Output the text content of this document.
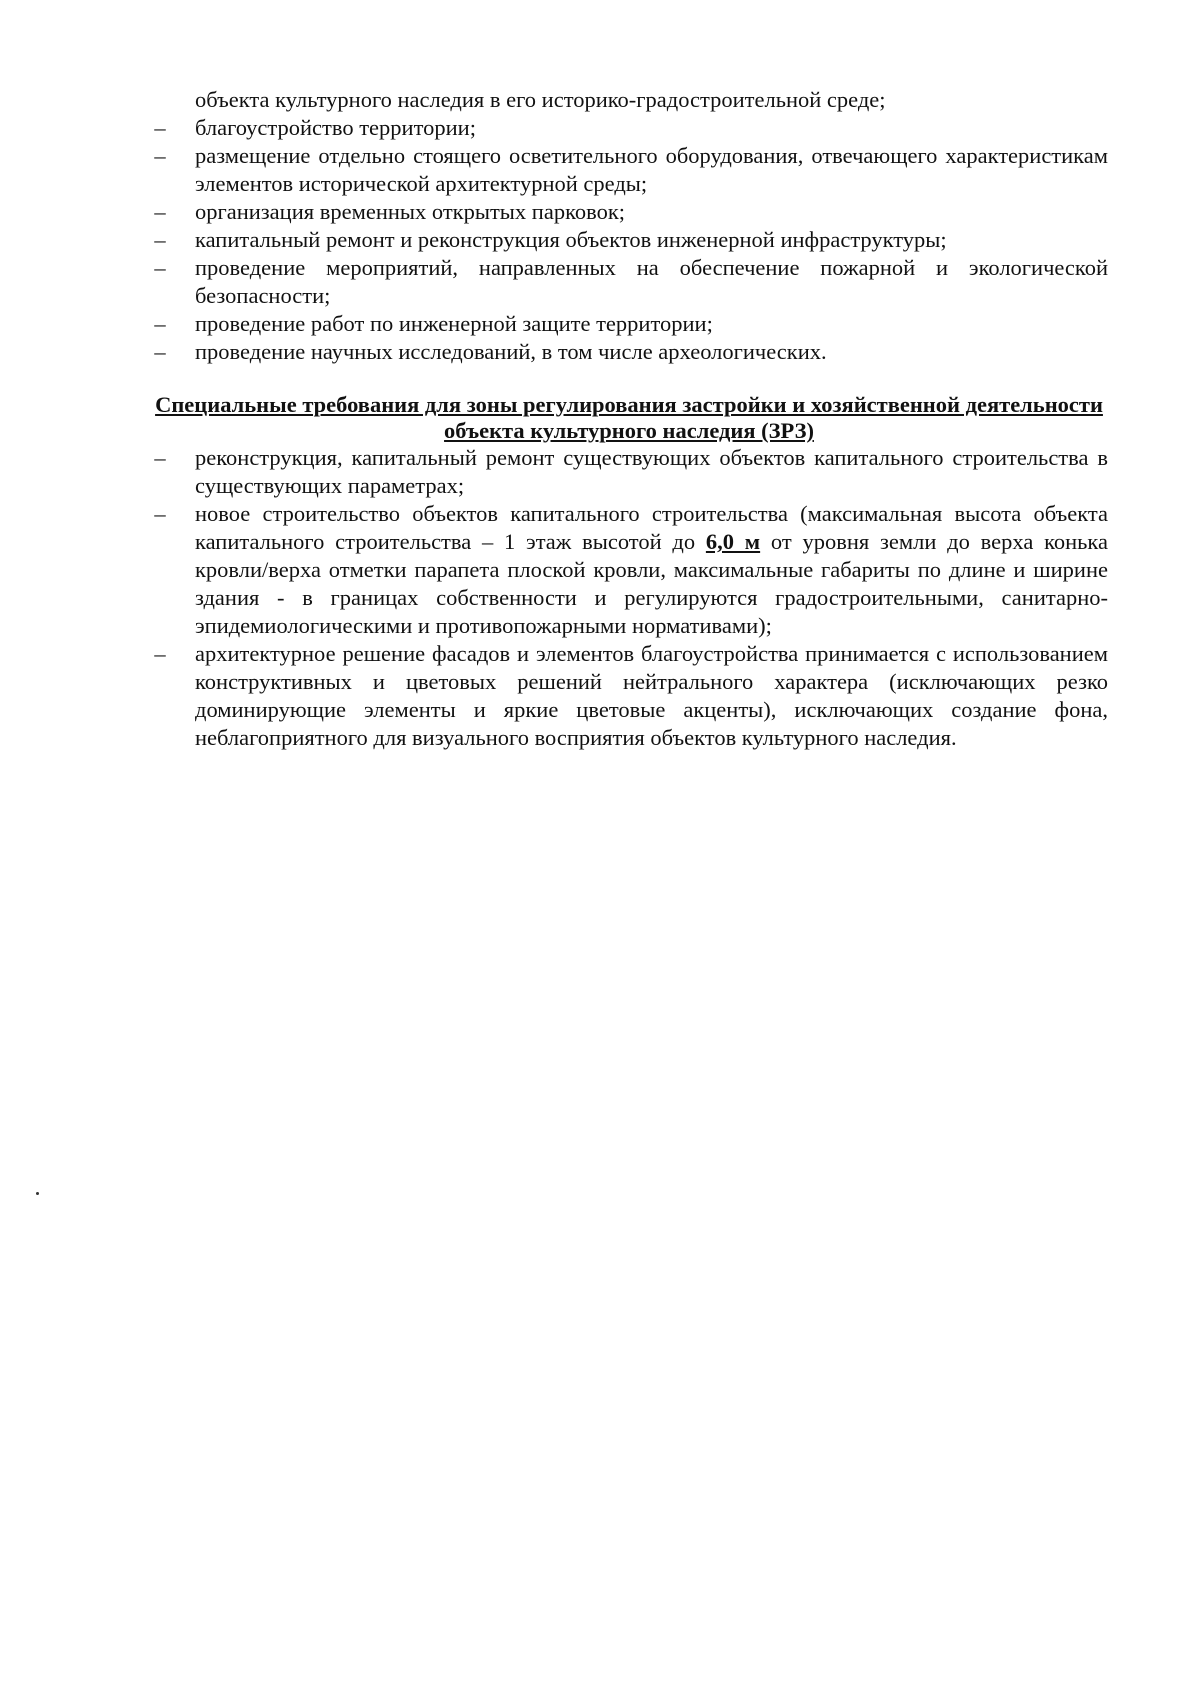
объекта культурного наследия в его историко-градостроительной среде;

– благоустройство территории;
– размещение отдельно стоящего осветительного оборудования, отвечающего характеристикам элементов исторической архитектурной среды;
– организация временных открытых парковок;
– капитальный ремонт и реконструкция объектов инженерной инфраструктуры;
– проведение мероприятий, направленных на обеспечение пожарной и экологической безопасности;
– проведение работ по инженерной защите территории;
– проведение научных исследований, в том числе археологических.
Специальные требования для зоны регулирования застройки и хозяйственной деятельности объекта культурного наследия (ЗРЗ)
– реконструкция, капитальный ремонт существующих объектов капитального строительства в существующих параметрах;
– новое строительство объектов капитального строительства (максимальная высота объекта капитального строительства – 1 этаж высотой до 6,0 м от уровня земли до верха конька кровли/верха отметки парапета плоской кровли, максимальные габариты по длине и ширине здания - в границах собственности и регулируются градостроительными, санитарно- эпидемиологическими и противопожарными нормативами);
– архитектурное решение фасадов и элементов благоустройства принимается с использованием конструктивных и цветовых решений нейтрального характера (исключающих резко доминирующие элементы и яркие цветовые акценты), исключающих создание фона, неблагоприятного для визуального восприятия объектов культурного наследия.
